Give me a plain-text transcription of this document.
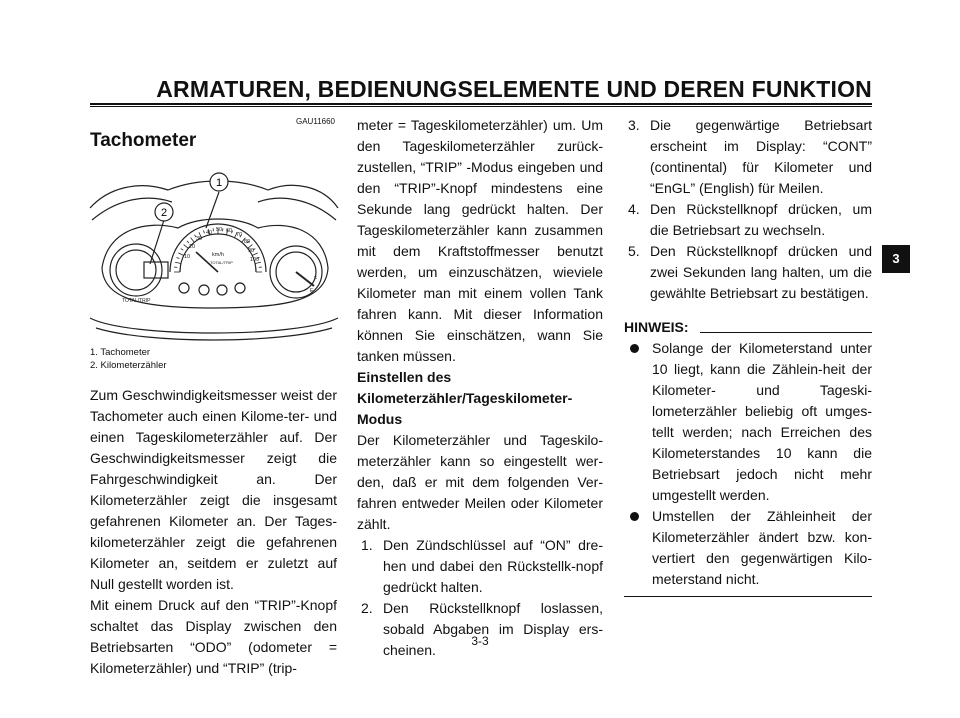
ARMATUREN, BEDIENUNGSELEMENTE UND DEREN FUNKTION
GAU11660
Tachometer
1
2
10
20
30
40 50 60
70
80
90
100
TOTAL/TRIP
km/h
TOTAL/TRIP
F
E
1. Tachometer
2. Kilometerzähler

Zum Geschwindigkeitsmesser weist der Tachometer auch einen Kilome-ter- und einen Tageskilometerzähler auf. Der Geschwindigkeitsmesser zeigt die Fahrgeschwindigkeit an. Der Kilometerzähler zeigt die insgesamt gefahrenen Kilometer an. Der Tages-kilometerzähler zeigt die gefahrenen Kilometer an, seitdem er zuletzt auf Null gestellt worden ist.

Mit einem Druck auf den “TRIP”-Knopf schaltet das Display zwischen den Betriebsarten “ODO” (odometer = Kilometerzähler) und “TRIP” (trip-

meter = Tageskilometerzähler) um. Um den Tageskilometerzähler zurück-zustellen, “TRIP” -Modus eingeben und den “TRIP”-Knopf mindestens eine Sekunde lang gedrückt halten. Der Tageskilometerzähler kann zusammen mit dem Kraftstoffmesser benutzt werden, um einzuschätzen, wieviele Kilometer man mit einem vollen Tank fahren kann. Mit dieser Information können Sie einschätzen, wann Sie tanken müssen.

Einstellen des Kilometerzähler/Tageskilometer-Modus

Der Kilometerzähler und Tageskilo-meterzähler kann so eingestellt wer-den, daß er mit dem folgenden Ver-fahren entweder Meilen oder Kilometer zählt.

1. Den Zündschlüssel auf “ON” dre-hen und dabei den Rückstellk-nopf gedrückt halten.
2. Den Rückstellknopf loslassen, sobald Abgaben im Display ers-cheinen.
3. Die gegenwärtige Betriebsart erscheint im Display: “CONT” (continental) für Kilometer und “EnGL” (English) für Meilen.
4. Den Rückstellknopf drücken, um die Betriebsart zu wechseln.
5. Den Rückstellknopf drücken und zwei Sekunden lang halten, um die gewählte Betriebsart zu bestätigen.
HINWEIS:
Solange der Kilometerstand unter 10 liegt, kann die Zählein-heit der Kilometer- und Tageski-lometerzähler beliebig oft umges-tellt werden; nach Erreichen des Kilometerstandes 10 kann die Betriebsart jedoch nicht mehr umgestellt werden.
Umstellen der Zähleinheit der Kilometerzähler ändert bzw. kon-vertiert den gegenwärtigen Kilo-meterstand nicht.
3
3-3
